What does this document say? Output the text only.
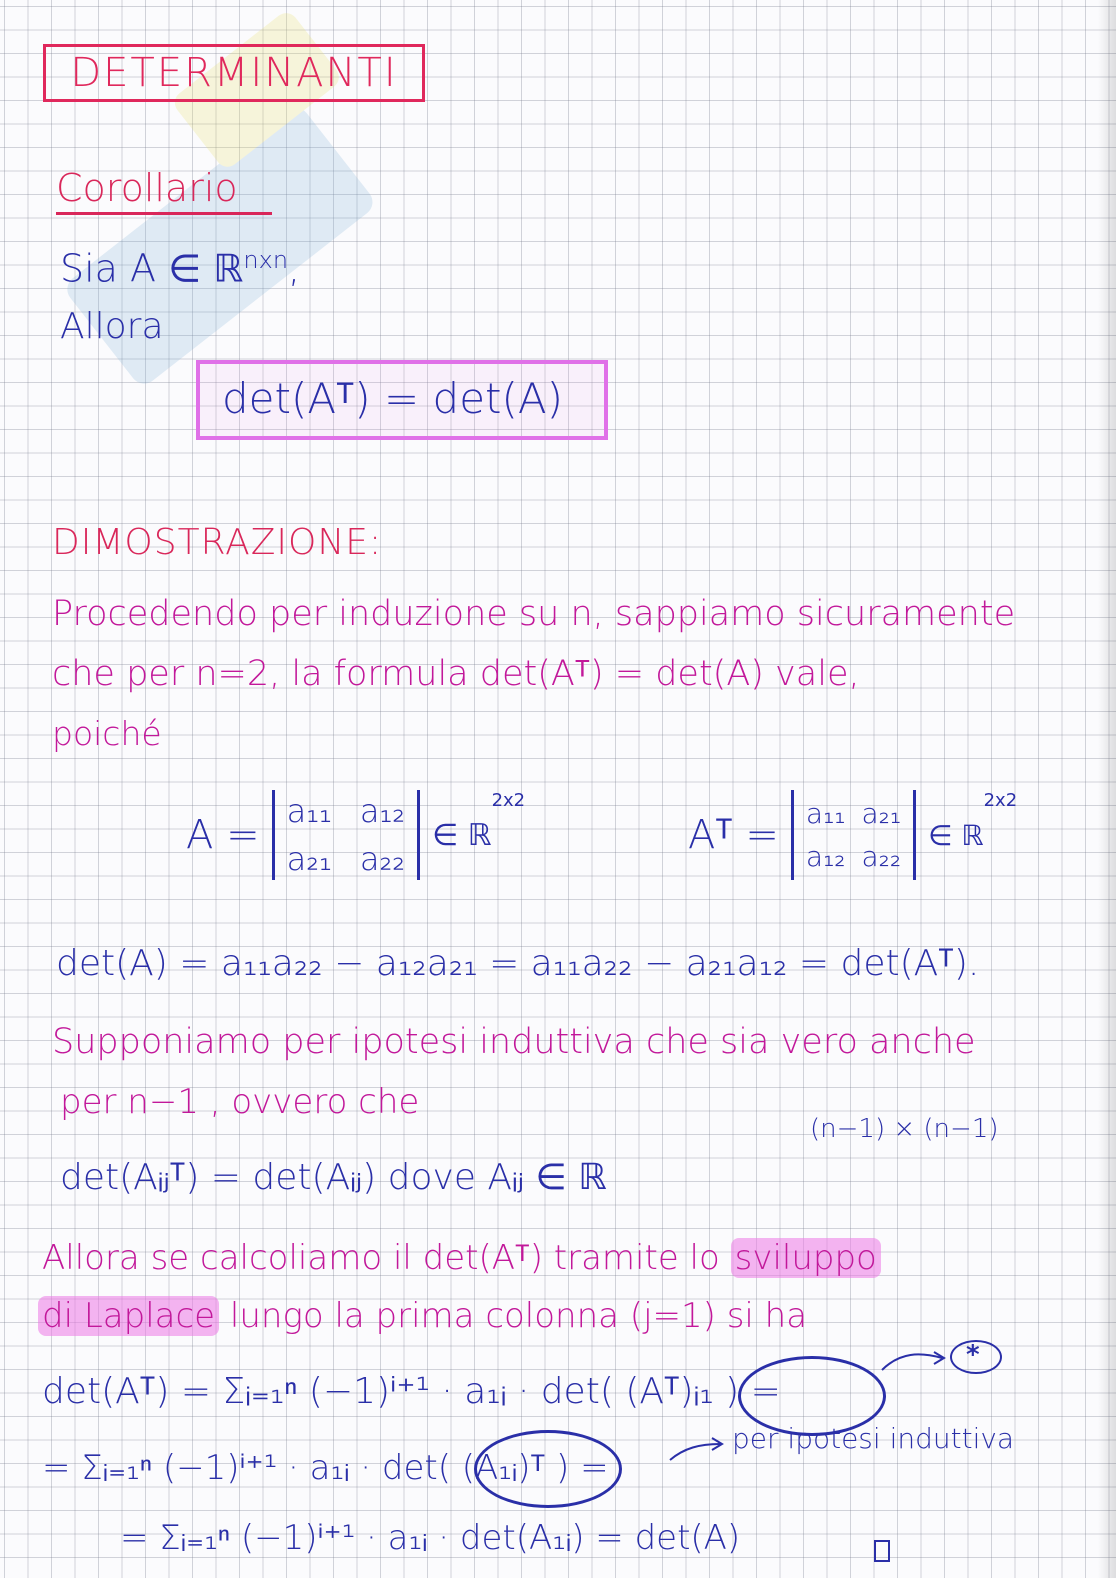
DETERMINANTI
Corollario
Sia A ∈ ℝ$^{nxn}$,
Allora
det(Aᵀ) = det(A)
DIMOSTRAZIONE:
Procedendo per induzione su n, sappiamo sicuramente
che per n=2, la formula det(Aᵀ) = det(A) vale,
poiché
A =
a₁₁ a₁₂
a₂₁ a₂₂
∈ ℝ
2x2
Aᵀ = a₁₁ a₂₁
a₁₂ a₂₂
∈ ℝ
2x2
det(A) = a₁₁a₂₂ − a₁₂a₂₁ = a₁₁a₂₂ − a₂₁a₁₂ = det(Aᵀ).
Supponiamo per ipotesi induttiva che sia vero anche
per n−1 , ovvero che
(n−1) × (n−1)
det(Aᵢⱼᵀ) = det(Aᵢⱼ) dove Aᵢⱼ ∈ ℝ
Allora se calcoliamo il det(Aᵀ) tramite lo sviluppo
di Laplace lungo la prima colonna (j=1) si ha
det(Aᵀ) = Σᵢ₌₁ⁿ (−1)ⁱ⁺¹ · a₁ᵢ · det( (Aᵀ)ᵢ₁ ) =
*
= Σᵢ₌₁ⁿ (−1)ⁱ⁺¹ · a₁ᵢ · det( (A₁ᵢ)ᵀ ) =
per ipotesi induttiva
= Σᵢ₌₁ⁿ (−1)ⁱ⁺¹ · a₁ᵢ · det(A₁ᵢ) = det(A)
